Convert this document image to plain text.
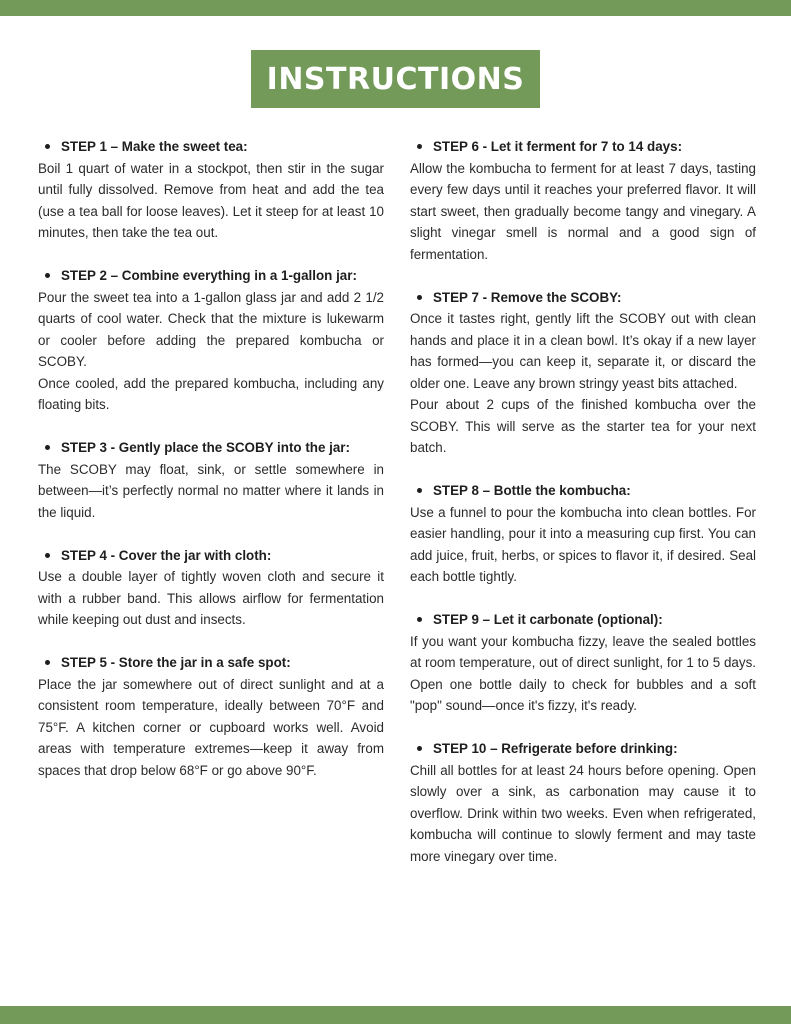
INSTRUCTIONS
STEP 1 – Make the sweet tea:

Boil 1 quart of water in a stockpot, then stir in the sugar until fully dissolved. Remove from heat and add the tea (use a tea ball for loose leaves). Let it steep for at least 10 minutes, then take the tea out.

STEP 2 – Combine everything in a 1-gallon jar:

Pour the sweet tea into a 1-gallon glass jar and add 2 1/2 quarts of cool water. Check that the mixture is lukewarm or cooler before adding the prepared kombucha or SCOBY.

Once cooled, add the prepared kombucha, including any floating bits.

STEP 3 - Gently place the SCOBY into the jar:

The SCOBY may float, sink, or settle somewhere in between—it’s perfectly normal no matter where it lands in the liquid.

STEP 4 - Cover the jar with cloth:

Use a double layer of tightly woven cloth and secure it with a rubber band. This allows airflow for fermentation while keeping out dust and insects.

STEP 5 - Store the jar in a safe spot:

Place the jar somewhere out of direct sunlight and at a consistent room temperature, ideally between 70°F and 75°F. A kitchen corner or cupboard works well. Avoid areas with temperature extremes—keep it away from spaces that drop below 68°F or go above 90°F.

STEP 6 - Let it ferment for 7 to 14 days:

Allow the kombucha to ferment for at least 7 days, tasting every few days until it reaches your preferred flavor. It will start sweet, then gradually become tangy and vinegary. A slight vinegar smell is normal and a good sign of fermentation.

STEP 7 - Remove the SCOBY:

Once it tastes right, gently lift the SCOBY out with clean hands and place it in a clean bowl. It’s okay if a new layer has formed—you can keep it, separate it, or discard the older one. Leave any brown stringy yeast bits attached.

Pour about 2 cups of the finished kombucha over the SCOBY. This will serve as the starter tea for your next batch.

STEP 8 – Bottle the kombucha:

Use a funnel to pour the kombucha into clean bottles. For easier handling, pour it into a measuring cup first. You can add juice, fruit, herbs, or spices to flavor it, if desired. Seal each bottle tightly.

STEP 9 – Let it carbonate (optional):

If you want your kombucha fizzy, leave the sealed bottles at room temperature, out of direct sunlight, for 1 to 5 days. Open one bottle daily to check for bubbles and a soft "pop" sound—once it's fizzy, it's ready.

STEP 10 – Refrigerate before drinking:

Chill all bottles for at least 24 hours before opening. Open slowly over a sink, as carbonation may cause it to overflow. Drink within two weeks. Even when refrigerated, kombucha will continue to slowly ferment and may taste more vinegary over time.
